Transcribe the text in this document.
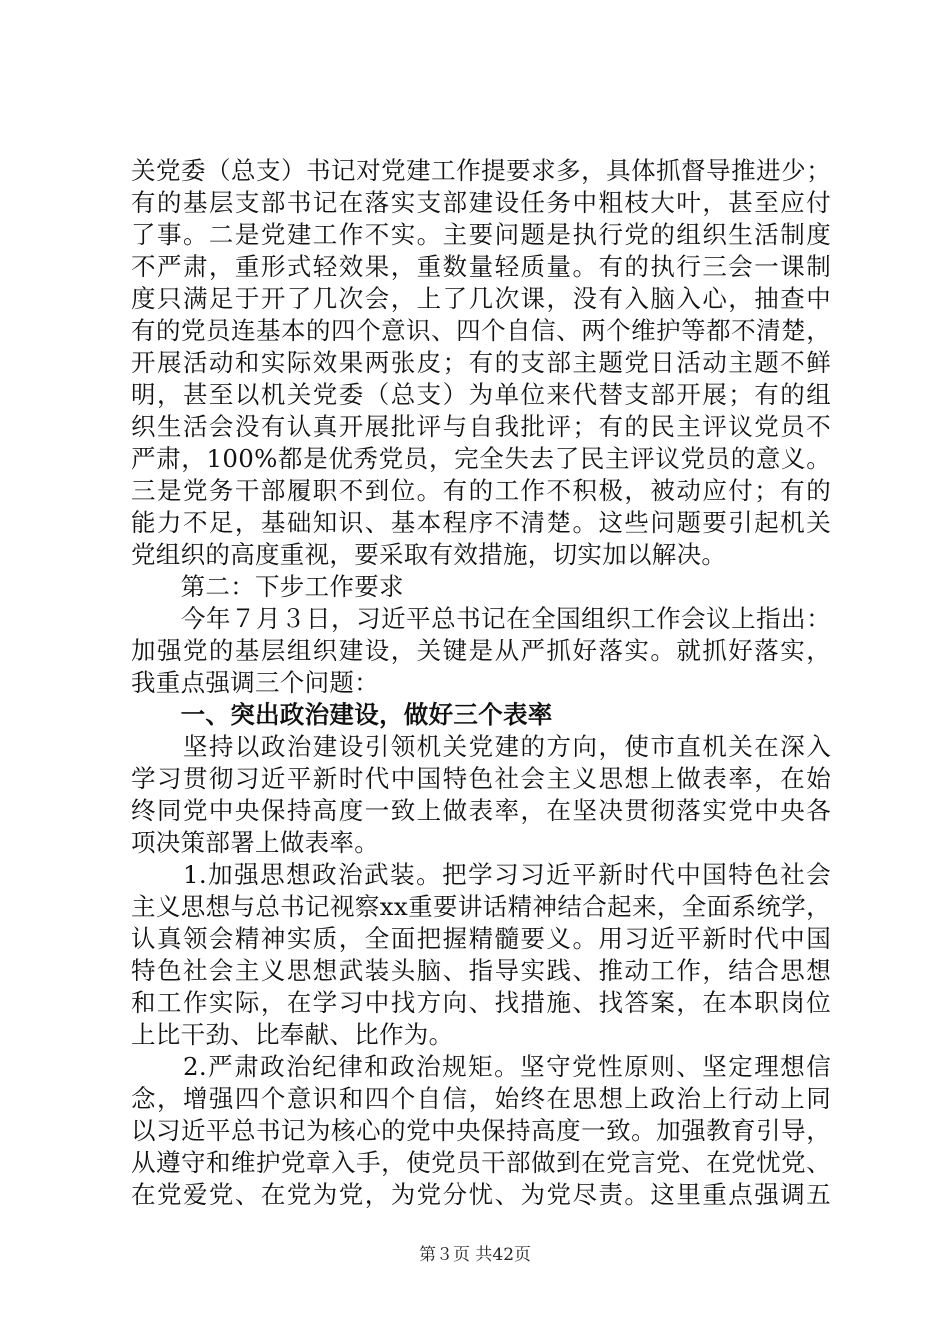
关党委（总支）书记对党建工作提要求多，具体抓督导推进少；
有的基层支部书记在落实支部建设任务中粗枝大叶，甚至应付
了事。二是党建工作不实。主要问题是执行党的组织生活制度
不严肃，重形式轻效果，重数量轻质量。有的执行三会一课制
度只满足于开了几次会，上了几次课，没有入脑入心，抽查中
有的党员连基本的四个意识、四个自信、两个维护等都不清楚，
开展活动和实际效果两张皮；有的支部主题党日活动主题不鲜
明，甚至以机关党委（总支）为单位来代替支部开展；有的组
织生活会没有认真开展批评与自我批评；有的民主评议党员不
严肃，100%都是优秀党员，完全失去了民主评议党员的意义。
三是党务干部履职不到位。有的工作不积极，被动应付；有的
能力不足，基础知识、基本程序不清楚。这些问题要引起机关
党组织的高度重视，要采取有效措施，切实加以解决。
　　第二：下步工作要求
　　今年７月３日，习近平总书记在全国组织工作会议上指出：
加强党的基层组织建设，关键是从严抓好落实。就抓好落实，
我重点强调三个问题：
　　一、突出政治建设，做好三个表率
　　坚持以政治建设引领机关党建的方向，使市直机关在深入
学习贯彻习近平新时代中国特色社会主义思想上做表率，在始
终同党中央保持高度一致上做表率，在坚决贯彻落实党中央各
项决策部署上做表率。
　　1.加强思想政治武装。把学习习近平新时代中国特色社会
主义思想与总书记视察xx重要讲话精神结合起来，全面系统学，
认真领会精神实质，全面把握精髓要义。用习近平新时代中国
特色社会主义思想武装头脑、指导实践、推动工作，结合思想
和工作实际，在学习中找方向、找措施、找答案，在本职岗位
上比干劲、比奉献、比作为。
　　2.严肃政治纪律和政治规矩。坚守党性原则、坚定理想信
念，增强四个意识和四个自信，始终在思想上政治上行动上同
以习近平总书记为核心的党中央保持高度一致。加强教育引导，
从遵守和维护党章入手，使党员干部做到在党言党、在党忧党、
在党爱党、在党为党，为党分忧、为党尽责。这里重点强调五
第３页 共42页
